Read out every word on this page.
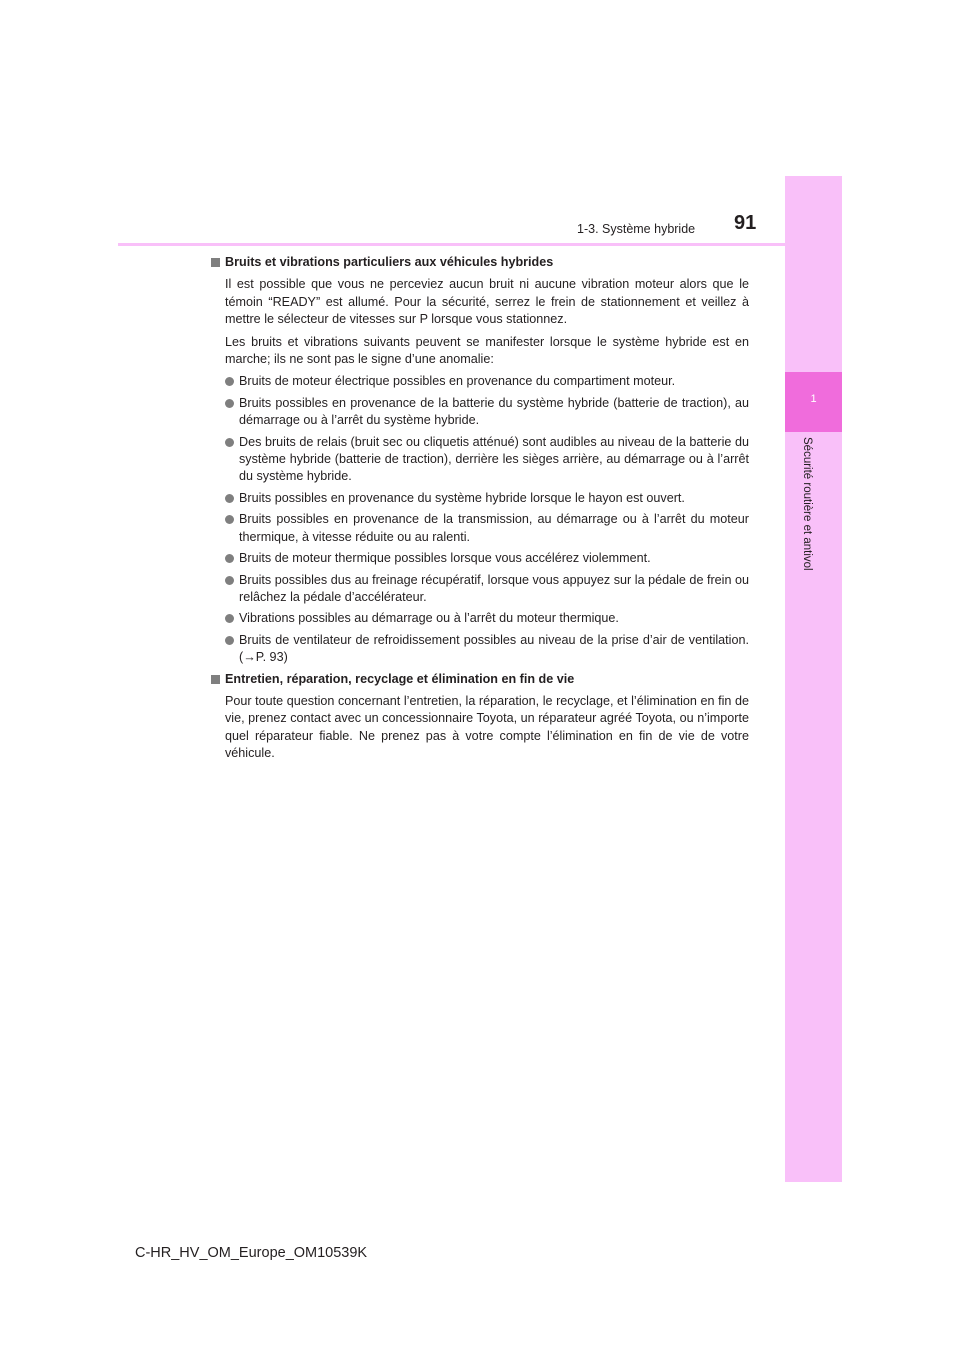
1
Sécurité routière et antivol
1-3. Système hybride 91
Bruits et vibrations particuliers aux véhicules hybrides

Il est possible que vous ne perceviez aucun bruit ni aucune vibration moteur alors que le témoin “READY” est allumé. Pour la sécurité, serrez le frein de stationnement et veillez à mettre le sélecteur de vitesses sur P lorsque vous stationnez.

Les bruits et vibrations suivants peuvent se manifester lorsque le système hybride est en marche; ils ne sont pas le signe d’une anomalie:

Bruits de moteur électrique possibles en provenance du compartiment moteur.
Bruits possibles en provenance de la batterie du système hybride (batterie de traction), au démarrage ou à l’arrêt du système hybride.
Des bruits de relais (bruit sec ou cliquetis atténué) sont audibles au niveau de la batterie du système hybride (batterie de traction), derrière les sièges arrière, au démarrage ou à l’arrêt du système hybride.
Bruits possibles en provenance du système hybride lorsque le hayon est ouvert.
Bruits possibles en provenance de la transmission, au démarrage ou à l’arrêt du moteur thermique, à vitesse réduite ou au ralenti.
Bruits de moteur thermique possibles lorsque vous accélérez violemment.
Bruits possibles dus au freinage récupératif, lorsque vous appuyez sur la pédale de frein ou relâchez la pédale d’accélérateur.
Vibrations possibles au démarrage ou à l’arrêt du moteur thermique.
Bruits de ventilateur de refroidissement possibles au niveau de la prise d’air de ventilation. (→P. 93)
Entretien, réparation, recyclage et élimination en fin de vie

Pour toute question concernant l’entretien, la réparation, le recyclage, et l’élimination en fin de vie, prenez contact avec un concessionnaire Toyota, un réparateur agréé Toyota, ou n’importe quel réparateur fiable. Ne prenez pas à votre compte l’élimination en fin de vie de votre véhicule.

C-HR_HV_OM_Europe_OM10539K
